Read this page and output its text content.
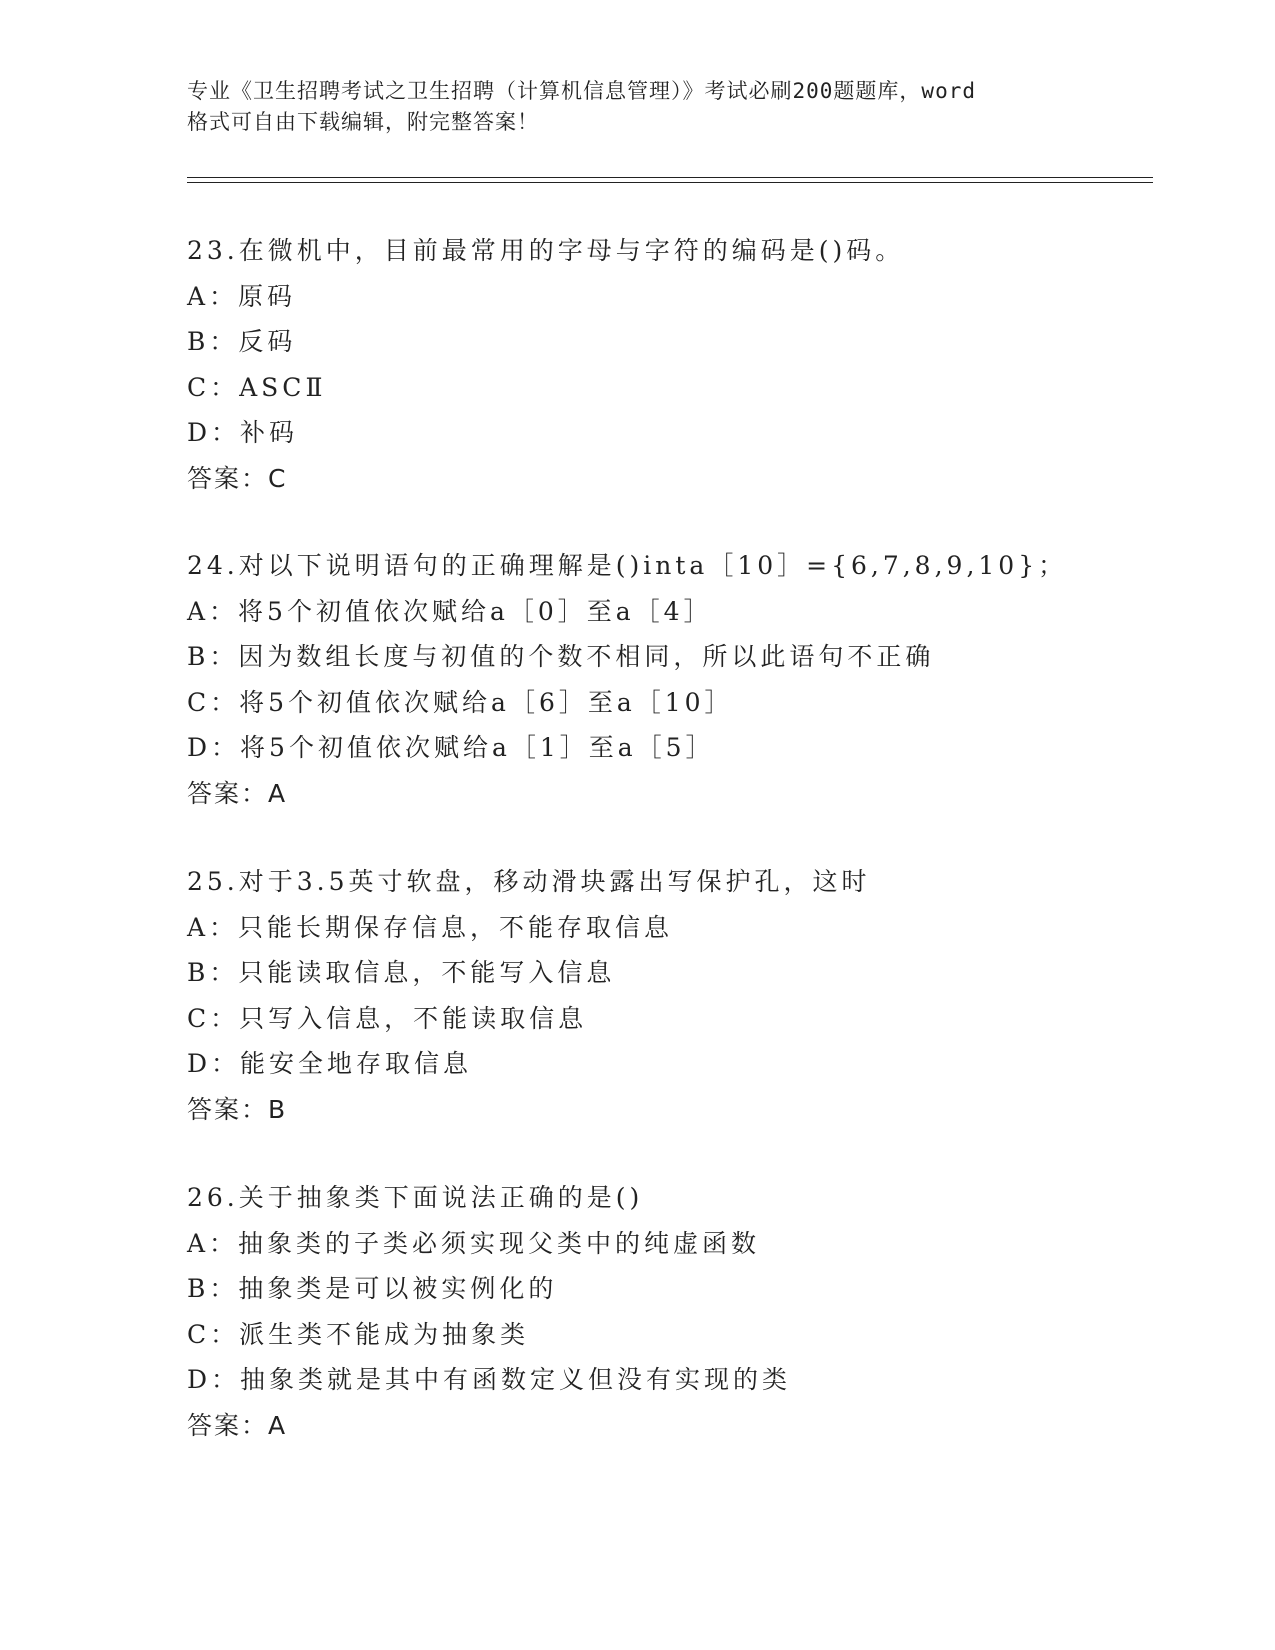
专业《卫生招聘考试之卫生招聘（计算机信息管理）》考试必刷200题题库，word
格式可自由下载编辑，附完整答案！
23.在微机中，目前最常用的字母与字符的编码是()码。
A：原码
B：反码
C：ASCⅡ
D：补码
答案：C
24.对以下说明语句的正确理解是()inta［10］={6,7,8,9,10}；
A：将5个初值依次赋给a［0］至a［4］
B：因为数组长度与初值的个数不相同，所以此语句不正确
C：将5个初值依次赋给a［6］至a［10］
D：将5个初值依次赋给a［1］至a［5］
答案：A
25.对于3.5英寸软盘，移动滑块露出写保护孔，这时
A：只能长期保存信息，不能存取信息
B：只能读取信息，不能写入信息
C：只写入信息，不能读取信息
D：能安全地存取信息
答案：B
26.关于抽象类下面说法正确的是()
A：抽象类的子类必须实现父类中的纯虚函数
B：抽象类是可以被实例化的
C：派生类不能成为抽象类
D：抽象类就是其中有函数定义但没有实现的类
答案：A
